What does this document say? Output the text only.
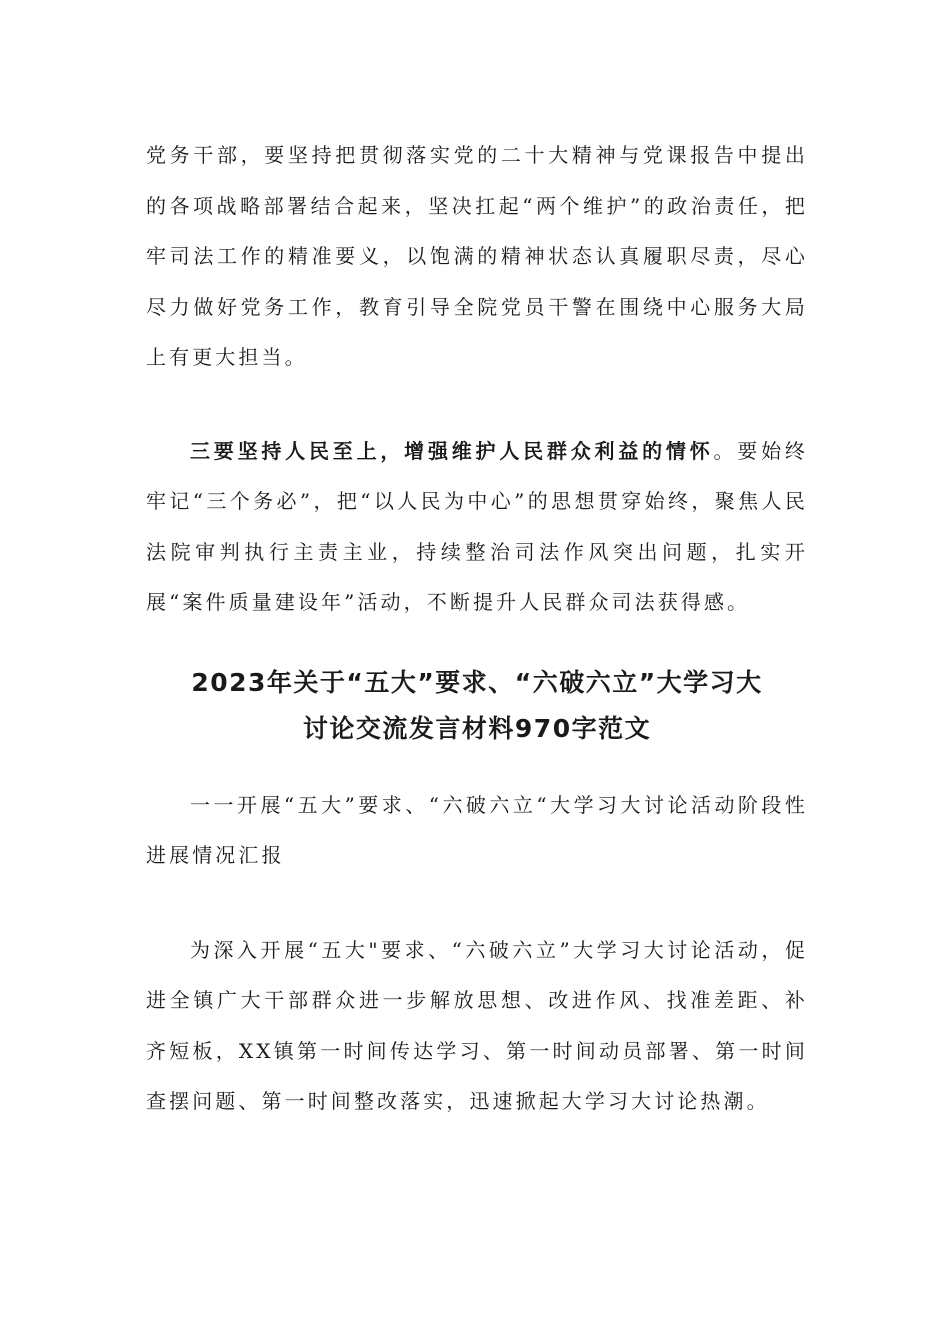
党务干部，要坚持把贯彻落实党的二十大精神与党课报告中提出的各项战略部署结合起来，坚决扛起“两个维护”的政治责任，把牢司法工作的精准要义，以饱满的精神状态认真履职尽责，尽心尽力做好党务工作，教育引导全院党员干警在围绕中心服务大局上有更大担当。

三要坚持人民至上，增强维护人民群众利益的情怀。要始终牢记“三个务必”，把“以人民为中心”的思想贯穿始终，聚焦人民法院审判执行主责主业，持续整治司法作风突出问题，扎实开展“案件质量建设年”活动，不断提升人民群众司法获得感。

2023年关于“五大”要求、“六破六立”大学习大
讨论交流发言材料970字范文

一一开展“五大”要求、“六破六立“大学习大讨论活动阶段性进展情况汇报

为深入开展“五大"要求、“六破六立”大学习大讨论活动，促进全镇广大干部群众进一步解放思想、改进作风、找准差距、补齐短板，XX镇第一时间传达学习、第一时间动员部署、第一时间查摆问题、第一时间整改落实，迅速掀起大学习大讨论热潮。
